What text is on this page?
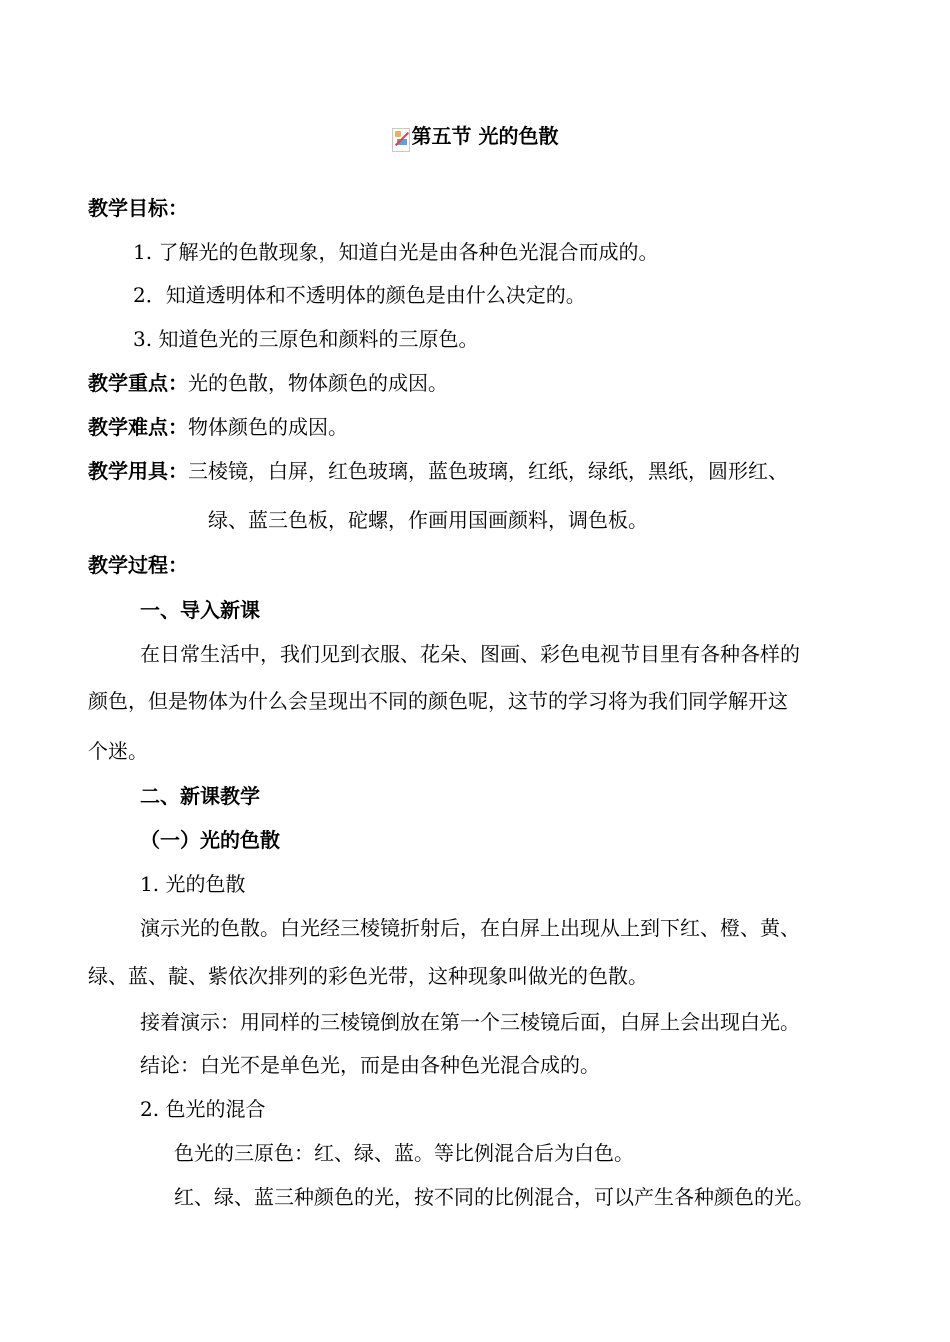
第五节 光的色散
教学目标：
1. 了解光的色散现象，知道白光是由各种色光混合而成的。
2．知道透明体和不透明体的颜色是由什么决定的。
3. 知道色光的三原色和颜料的三原色。
教学重点：光的色散，物体颜色的成因。
教学难点：物体颜色的成因。
教学用具：三棱镜，白屏，红色玻璃，蓝色玻璃，红纸，绿纸，黑纸，圆形红、
绿、蓝三色板，砣螺，作画用国画颜料，调色板。
教学过程：
一、导入新课
在日常生活中，我们见到衣服、花朵、图画、彩色电视节目里有各种各样的
颜色，但是物体为什么会呈现出不同的颜色呢，这节的学习将为我们同学解开这
个迷。
二、新课教学
（一）光的色散
1. 光的色散
演示光的色散。白光经三棱镜折射后，在白屏上出现从上到下红、橙、黄、
绿、蓝、靛、紫依次排列的彩色光带，这种现象叫做光的色散。
接着演示：用同样的三棱镜倒放在第一个三棱镜后面，白屏上会出现白光。
结论：白光不是单色光，而是由各种色光混合成的。
2. 色光的混合
色光的三原色：红、绿、蓝。等比例混合后为白色。
红、绿、蓝三种颜色的光，按不同的比例混合，可以产生各种颜色的光。
